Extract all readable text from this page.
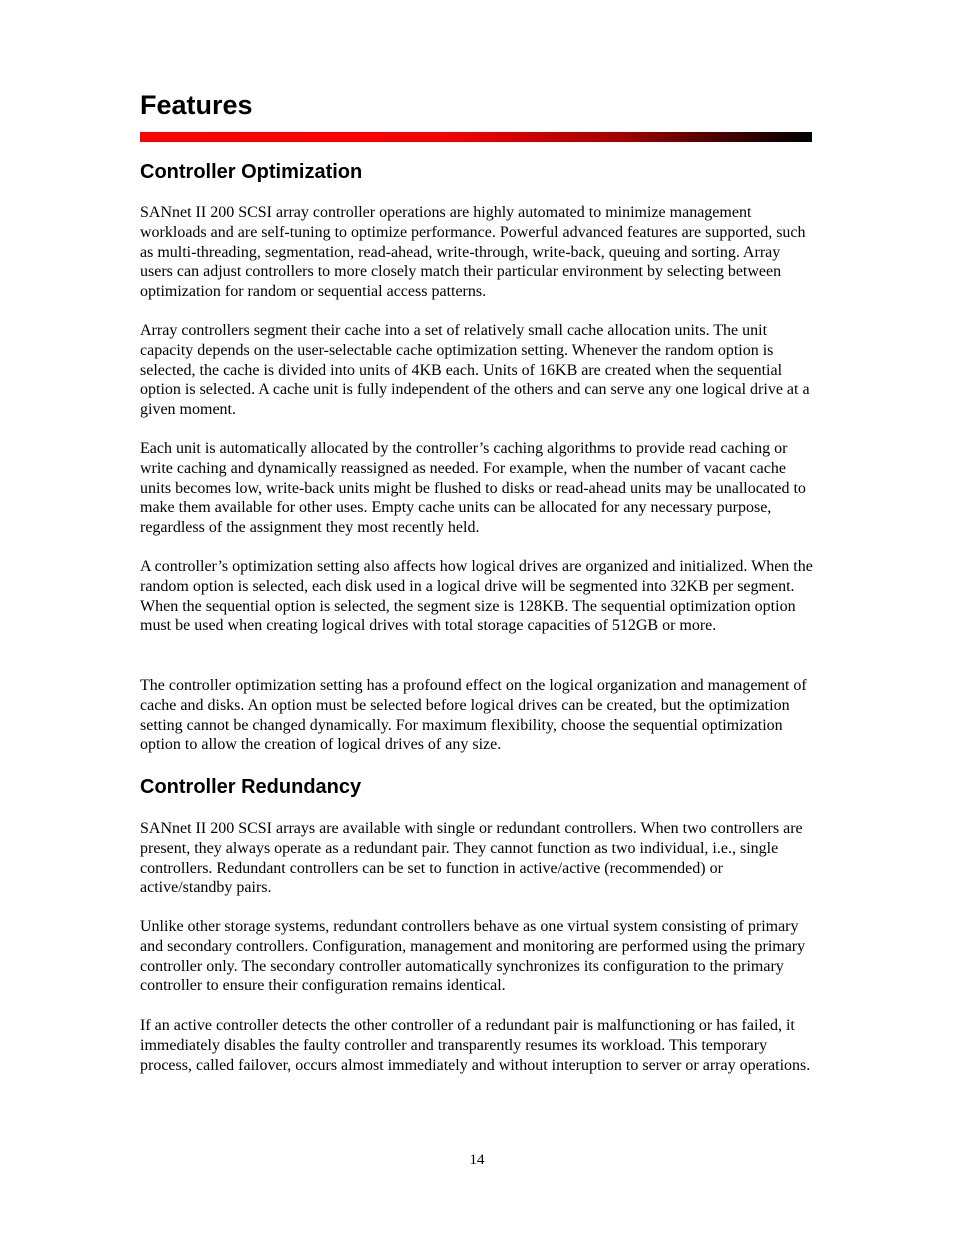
Features
Controller Optimization

SANnet II 200 SCSI array controller operations are highly automated to minimize management workloads and are self-tuning to optimize performance. Powerful advanced features are supported, such as multi-threading, segmentation, read-ahead, write-through, write-back, queuing and sorting. Array users can adjust controllers to more closely match their particular environment by selecting between optimization for random or sequential access patterns.

Array controllers segment their cache into a set of relatively small cache allocation units. The unit capacity depends on the user-selectable cache optimization setting. Whenever the random option is selected, the cache is divided into units of 4KB each. Units of 16KB are created when the sequential option is selected. A cache unit is fully independent of the others and can serve any one logical drive at a given moment.

Each unit is automatically allocated by the controller’s caching algorithms to provide read caching or write caching and dynamically reassigned as needed. For example, when the number of vacant cache units becomes low, write-back units might be flushed to disks or read-ahead units may be unallocated to make them available for other uses. Empty cache units can be allocated for any necessary purpose, regardless of the assignment they most recently held.

A controller’s optimization setting also affects how logical drives are organized and initialized. When the random option is selected, each disk used in a logical drive will be segmented into 32KB per segment. When the sequential option is selected, the segment size is 128KB. The sequential optimization option must be used when creating logical drives with total storage capacities of 512GB or more.

The controller optimization setting has a profound effect on the logical organization and management of cache and disks. An option must be selected before logical drives can be created, but the optimization setting cannot be changed dynamically. For maximum flexibility, choose the sequential optimization option to allow the creation of logical drives of any size.

Controller Redundancy

SANnet II 200 SCSI arrays are available with single or redundant controllers. When two controllers are present, they always operate as a redundant pair. They cannot function as two individual, i.e., single controllers. Redundant controllers can be set to function in active/active (recommended) or active/standby pairs.

Unlike other storage systems, redundant controllers behave as one virtual system consisting of primary and secondary controllers. Configuration, management and monitoring are performed using the primary controller only. The secondary controller automatically synchronizes its configuration to the primary controller to ensure their configuration remains identical.

If an active controller detects the other controller of a redundant pair is malfunctioning or has failed, it immediately disables the faulty controller and transparently resumes its workload. This temporary process, called failover, occurs almost immediately and without interuption to server or array operations.

14
